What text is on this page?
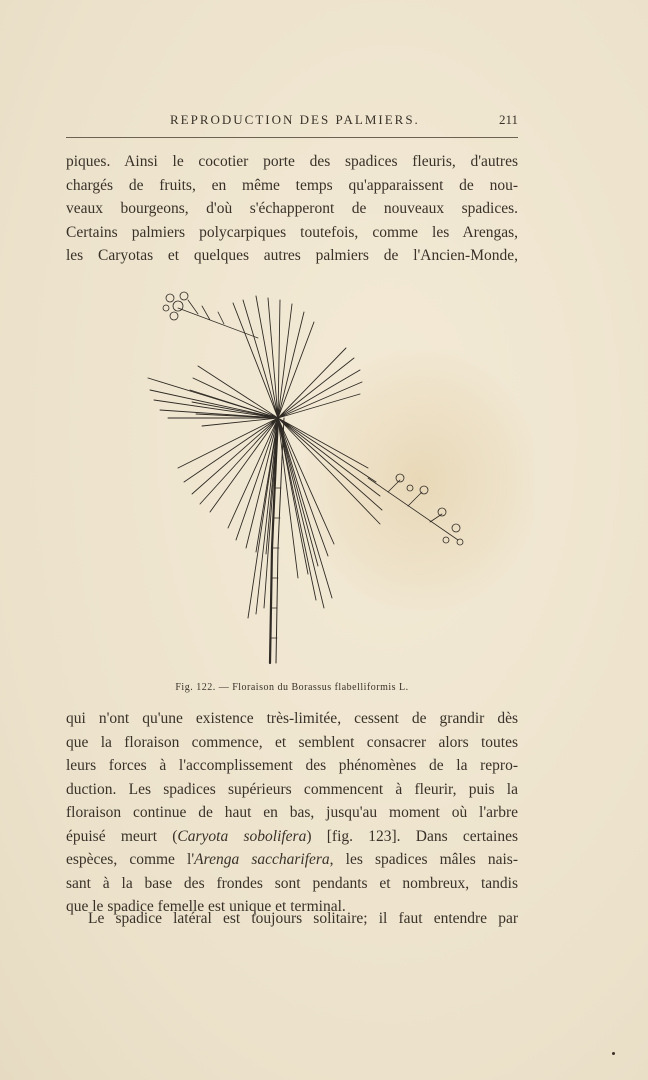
REPRODUCTION DES PALMIERS.	211

piques. Ainsi le cocotier porte des spadices fleuris, d'autres
chargés de fruits, en même temps qu'apparaissent de nou-
veaux bourgeons, d'où s'échapperont de nouveaux spadices.
Certains palmiers polycarpiques toutefois, comme les Arengas,
les Caryotas et quelques autres palmiers de l'Ancien-Monde,

Fig. 122. — Floraison du Borassus flabelliformis L.

qui n'ont qu'une existence très-limitée, cessent de grandir dès
que la floraison commence, et semblent consacrer alors toutes
leurs forces à l'accomplissement des phénomènes de la repro-
duction. Les spadices supérieurs commencent à fleurir, puis la
floraison continue de haut en bas, jusqu'au moment où l'arbre
épuisé meurt (Caryota sobolifera) [fig. 123]. Dans certaines
espèces, comme l'Arenga saccharifera, les spadices mâles nais-
sant à la base des frondes sont pendants et nombreux, tandis
que le spadice femelle est unique et terminal.

Le spadice latéral est toujours solitaire; il faut entendre par
